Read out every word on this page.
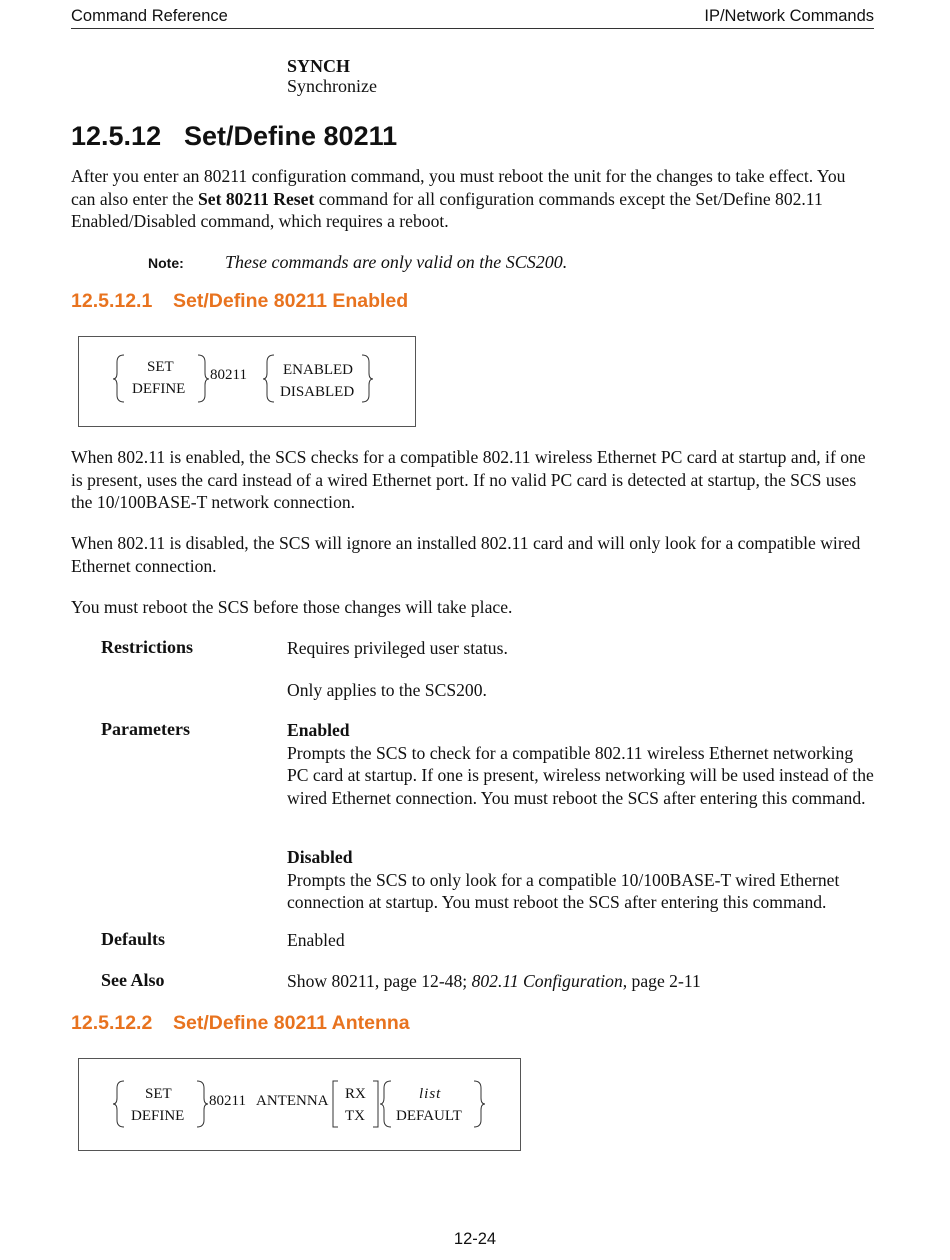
Command Reference	IP/Network Commands
SYNCH
Synchronize
12.5.12 Set/Define 80211
After you enter an 80211 configuration command, you must reboot the unit for the changes to take effect. You can also enter the Set 80211 Reset command for all configuration commands except the Set/Define 802.11 Enabled/Disabled command, which requires a reboot.
Note: These commands are only valid on the SCS200.
12.5.12.1 Set/Define 80211 Enabled
SET
DEFINE
80211 ENABLED
DISABLED
When 802.11 is enabled, the SCS checks for a compatible 802.11 wireless Ethernet PC card at startup and, if one is present, uses the card instead of a wired Ethernet port. If no valid PC card is detected at startup, the SCS uses the 10/100BASE-T network connection.
When 802.11 is disabled, the SCS will ignore an installed 802.11 card and will only look for a compatible wired Ethernet connection.
You must reboot the SCS before those changes will take place.
Restrictions	Requires privileged user status.
Only applies to the SCS200.
Parameters	Enabled
Prompts the SCS to check for a compatible 802.11 wireless Ethernet networking PC card at startup. If one is present, wireless networking will be used instead of the wired Ethernet connection. You must reboot the SCS after entering this command.
Disabled
Prompts the SCS to only look for a compatible 10/100BASE-T wired Ethernet connection at startup. You must reboot the SCS after entering this command.
Defaults	Enabled
See Also	Show 80211, page 12-48; 802.11 Configuration, page 2-11
12.5.12.2 Set/Define 80211 Antenna
SET
DEFINE
80211 ANTENNA RX
TX
list
DEFAULT
12-24
